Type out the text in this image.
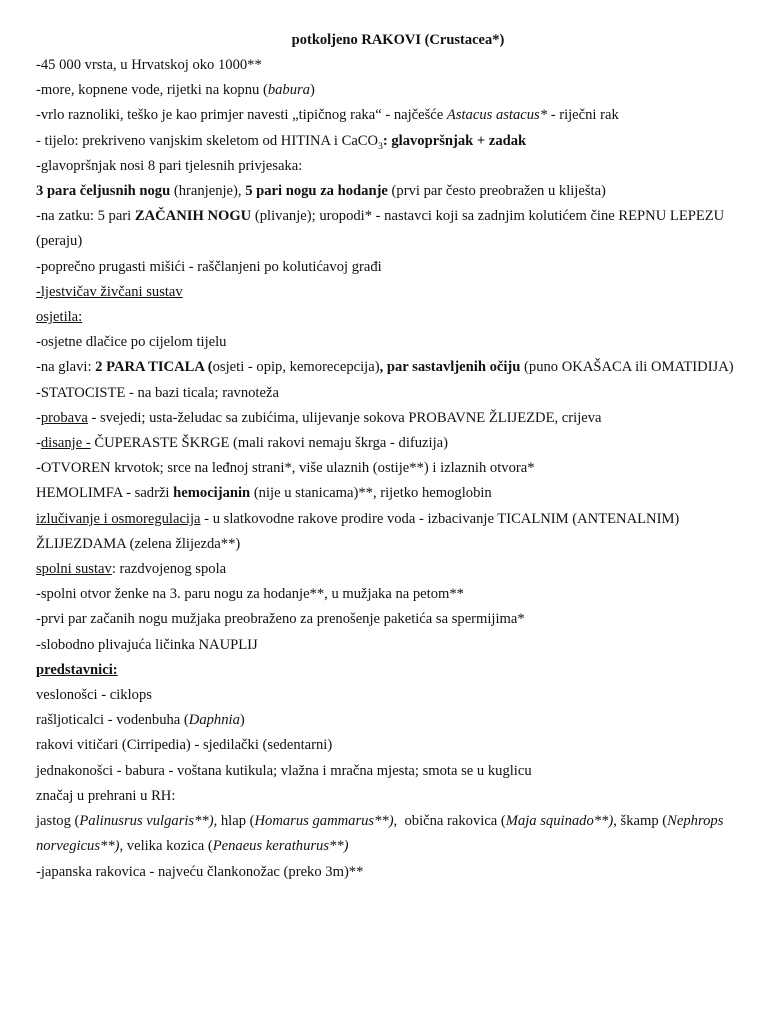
potkoljeno RAKOVI (Crustacea*)

-45 000 vrsta, u Hrvatskoj oko 1000**

-more, kopnene vode, rijetki na kopnu (babura)

-vrlo raznoliki, teško je kao primjer navesti „tipičnog raka“ - najčešće Astacus astacus* - riječni rak

- tijelo: prekriveno vanjskim skeletom od HITINA i CaCO$_3$: glavopršnjak + zadak

-glavopršnjak nosi 8 pari tjelesnih privjesaka:

3 para čeljusnih nogu (hranjenje), 5 pari nogu za hodanje (prvi par često preobražen u kliješta)

-na zatku: 5 pari ZAČANIH NOGU (plivanje); uropodi* - nastavci koji sa zadnjim kolutićem čine REPNU LEPEZU (peraju)

-poprečno prugasti mišići - raščlanjeni po kolutićavoj građi

-ljestvičav živčani sustav

osjetila:

-osjetne dlačice po cijelom tijelu

-na glavi: 2 PARA TICALA (osjeti - opip, kemorecepcija), par sastavljenih očiju (puno OKAŠACA ili OMATIDIJA)

-STATOCISTE - na bazi ticala; ravnoteža

-probava - svejedi; usta-želudac sa zubićima, ulijevanje sokova PROBAVNE ŽLIJEZDE, crijeva

-disanje - ČUPERASTE ŠKRGE (mali rakovi nemaju škrga - difuzija)

-OTVOREN krvotok; srce na leđnoj strani*, više ulaznih (ostije**) i izlaznih otvora*

HEMOLIMFA - sadrži hemocijanin (nije u stanicama)**, rijetko hemoglobin

izlučivanje i osmoregulacija - u slatkovodne rakove prodire voda - izbacivanje TICALNIM (ANTENALNIM) ŽLIJEZDAMA (zelena žlijezda**)

spolni sustav: razdvojenog spola

-spolni otvor ženke na 3. paru nogu za hodanje**, u mužjaka na petom**

-prvi par začanih nogu mužjaka preobraženo za prenošenje paketića sa spermijima*

-slobodno plivajuća ličinka NAUPLIJ

predstavnici:

veslonošci - ciklops

rašljoticalci - vodenbuha (Daphnia)

rakovi vitičari (Cirripedia) - sjedilački (sedentarni)

jednakonošci - babura - voštana kutikula; vlažna i mračna mjesta; smota se u kuglicu

značaj u prehrani u RH:

jastog (Palinusrus vulgaris**), hlap (Homarus gammarus**),  obična rakovica (Maja squinado**), škamp (Nephrops norvegicus**), velika kozica (Penaeus kerathurus**)

-japanska rakovica - najveću člankonožac (preko 3m)**
